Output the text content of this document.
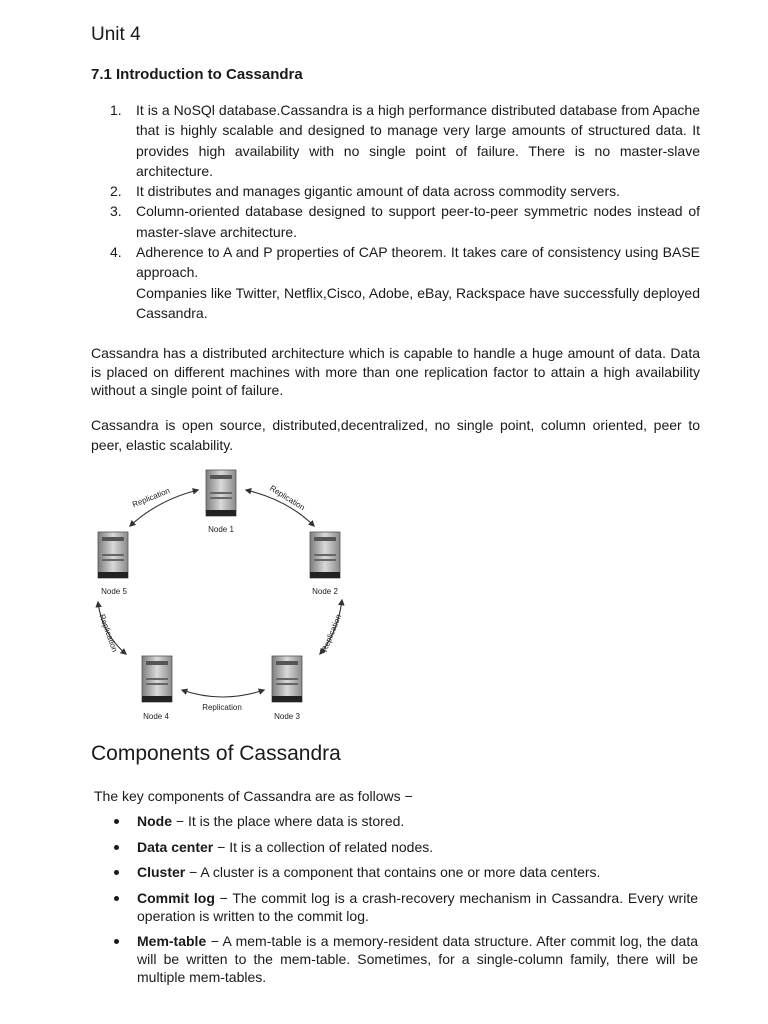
Unit 4
7.1 Introduction to Cassandra
1. It is a NoSQl database.Cassandra is a high performance distributed database from Apache that is highly scalable and designed to manage very large amounts of structured data. It provides high availability with no single point of failure. There is no master-slave architecture.
2. It distributes and manages gigantic amount of data across commodity servers.
3. Column-oriented database designed to support peer-to-peer symmetric nodes instead of master-slave architecture.
4. Adherence to A and P properties of CAP theorem. It takes care of consistency using BASE approach.
Companies like Twitter, Netflix,Cisco, Adobe, eBay, Rackspace have successfully deployed Cassandra.

Cassandra has a distributed architecture which is capable to handle a huge amount of data. Data is placed on different machines with more than one replication factor to attain a high availability without a single point of failure.

Cassandra is open source, distributed,decentralized, no single point, column oriented, peer to peer, elastic scalability.

Node 1
Node 2
Node 3
Node 4
Node 5
Replication	Replication
Replication
Replication
Replication
Components of Cassandra
The key components of Cassandra are as follows −
Node − It is the place where data is stored.
Data center − It is a collection of related nodes.
Cluster − A cluster is a component that contains one or more data centers.
Commit log − The commit log is a crash-recovery mechanism in Cassandra. Every write operation is written to the commit log.
Mem-table − A mem-table is a memory-resident data structure. After commit log, the data will be written to the mem-table. Sometimes, for a single-column family, there will be multiple mem-tables.
